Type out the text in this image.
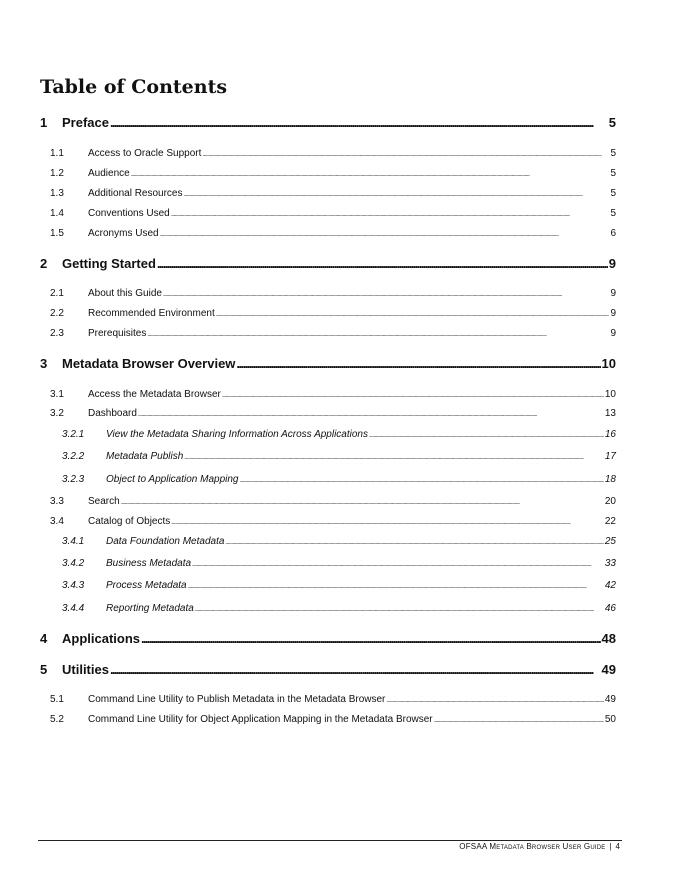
Table of Contents
1	Preface .....	5
1.1	Access to Oracle Support .....	5
1.2	Audience .....	5
1.3	Additional Resources .....	5
1.4	Conventions Used .....	5
1.5	Acronyms Used .....	6
2	Getting Started .....	9
2.1	About this Guide .....	9
2.2	Recommended Environment .....	9
2.3	Prerequisites .....	9
3	Metadata Browser Overview .....	10
3.1	Access the Metadata Browser .....	10
3.2	Dashboard .....	13
3.2.1	View the Metadata Sharing Information Across Applications .....	16
3.2.2	Metadata Publish .....	17
3.2.3	Object to Application Mapping .....	18
3.3	Search .....	20
3.4	Catalog of Objects .....	22
3.4.1	Data Foundation Metadata .....	25
3.4.2	Business Metadata .....	33
3.4.3	Process Metadata .....	42
3.4.4	Reporting Metadata .....	46
4	Applications .....	48
5	Utilities .....	49
5.1	Command Line Utility to Publish Metadata in the Metadata Browser .....	49
5.2	Command Line Utility for Object Application Mapping in the Metadata Browser .....	50
OFSAA Metadata Browser User Guide | 4
